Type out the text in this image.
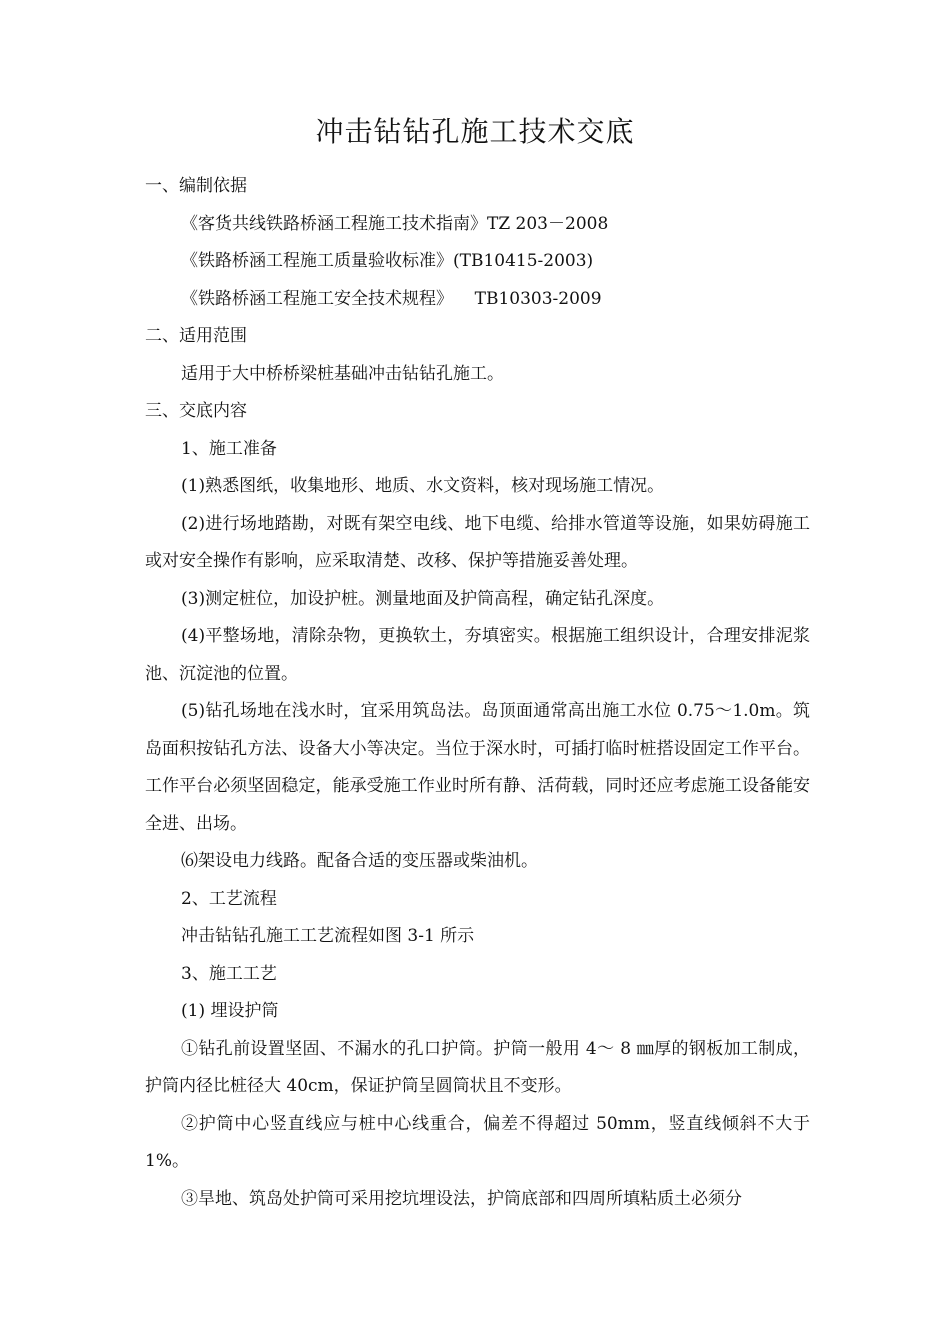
冲击钻钻孔施工技术交底

一、编制依据

《客货共线铁路桥涵工程施工技术指南》TZ 203－2008

《铁路桥涵工程施工质量验收标准》(TB10415-2003)

《铁路桥涵工程施工安全技术规程》    TB10303-2009

二、适用范围

适用于大中桥桥梁桩基础冲击钻钻孔施工。

三、交底内容

1、施工准备

(1)熟悉图纸，收集地形、地质、水文资料，核对现场施工情况。

(2)进行场地踏勘，对既有架空电线、地下电缆、给排水管道等设施，如果妨碍施工或对安全操作有影响，应采取清楚、改移、保护等措施妥善处理。

(3)测定桩位，加设护桩。测量地面及护筒高程，确定钻孔深度。

(4)平整场地，清除杂物，更换软土，夯填密实。根据施工组织设计，合理安排泥浆池、沉淀池的位置。

(5)钻孔场地在浅水时，宜采用筑岛法。岛顶面通常高出施工水位 0.75～1.0m。筑岛面积按钻孔方法、设备大小等决定。当位于深水时，可插打临时桩搭设固定工作平台。工作平台必须坚固稳定，能承受施工作业时所有静、活荷载，同时还应考虑施工设备能安全进、出场。

⑹架设电力线路。配备合适的变压器或柴油机。

2、工艺流程

冲击钻钻孔施工工艺流程如图 3-1 所示

3、施工工艺

(1) 埋设护筒

①钻孔前设置坚固、不漏水的孔口护筒。护筒一般用 4～ 8 ㎜厚的钢板加工制成，护筒内径比桩径大 40cm，保证护筒呈圆筒状且不变形。

②护筒中心竖直线应与桩中心线重合，偏差不得超过 50mm，竖直线倾斜不大于 1%。

③旱地、筑岛处护筒可采用挖坑埋设法，护筒底部和四周所填粘质土必须分
